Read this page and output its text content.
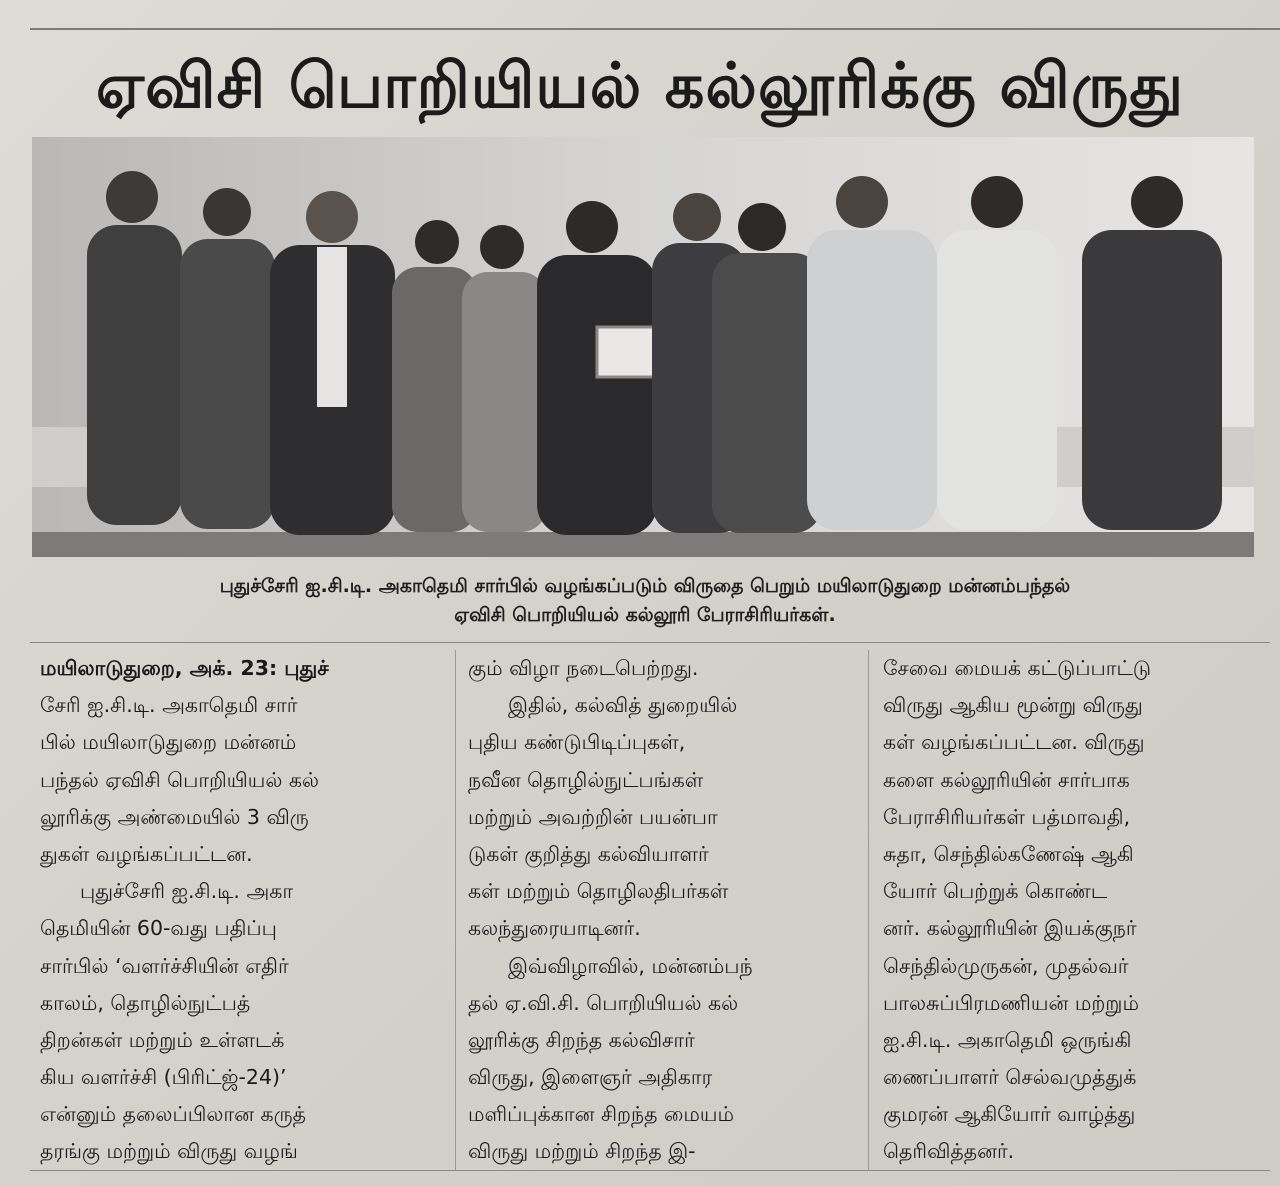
ஏவிசி பொறியியல் கல்லூரிக்கு விருது
புதுச்சேரி ஐ.சி.டி. அகாதெமி சார்பில் வழங்கப்படும் விருதை பெறும் மயிலாடுதுறை மன்னம்பந்தல்
ஏவிசி பொறியியல் கல்லூரி பேராசிரியர்கள்.
மயிலாடுதுறை, அக். 23: புதுச்
சேரி ஐ.சி.டி. அகாதெமி சார்
பில் மயிலாடுதுறை மன்னம்
பந்தல் ஏவிசி பொறியியல் கல்
லூரிக்கு அண்மையில் 3 விரு
துகள் வழங்கப்பட்டன.
புதுச்சேரி ஐ.சி.டி. அகா
தெமியின் 60-வது பதிப்பு
சார்பில் ‘வளர்ச்சியின் எதிர்
காலம், தொழில்நுட்பத்
திறன்கள் மற்றும் உள்ளடக்
கிய வளர்ச்சி (பிரிட்ஜ்-24)’
என்னும் தலைப்பிலான கருத்
தரங்கு மற்றும் விருது வழங்
கும் விழா நடைபெற்றது.
இதில், கல்வித் துறையில்
புதிய கண்டுபிடிப்புகள்,
நவீன தொழில்நுட்பங்கள்
மற்றும் அவற்றின் பயன்பா
டுகள் குறித்து கல்வியாளர்
கள் மற்றும் தொழிலதிபர்கள்
கலந்துரையாடினர்.
இவ்விழாவில், மன்னம்பந்
தல் ஏ.வி.சி. பொறியியல் கல்
லூரிக்கு சிறந்த கல்விசார்
விருது, இளைஞர் அதிகார
மளிப்புக்கான சிறந்த மையம்
விருது மற்றும் சிறந்த இ-
சேவை மையக் கட்டுப்பாட்டு
விருது ஆகிய மூன்று விருது
கள் வழங்கப்பட்டன. விருது
களை கல்லூரியின் சார்பாக
பேராசிரியர்கள் பத்மாவதி,
சுதா, செந்தில்கணேஷ் ஆகி
யோர் பெற்றுக் கொண்ட
னர். கல்லூரியின் இயக்குநர்
செந்தில்முருகன், முதல்வர்
பாலசுப்பிரமணியன் மற்றும்
ஐ.சி.டி. அகாதெமி ஒருங்கி
ணைப்பாளர் செல்வமுத்துக்
குமரன் ஆகியோர் வாழ்த்து
தெரிவித்தனர்.
